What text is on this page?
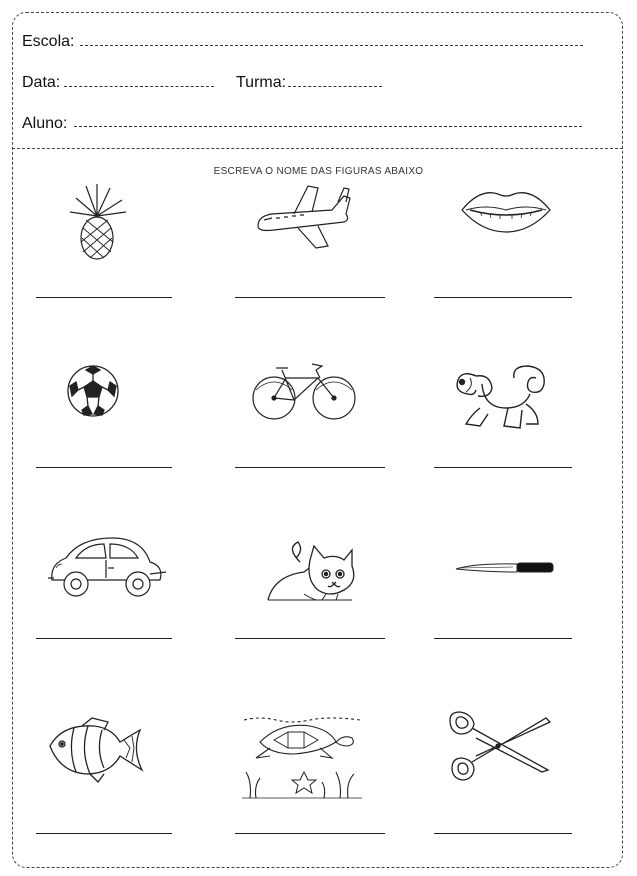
Escola:
Data:	Turma:
Aluno:
ESCREVA O NOME DAS FIGURAS ABAIXO
